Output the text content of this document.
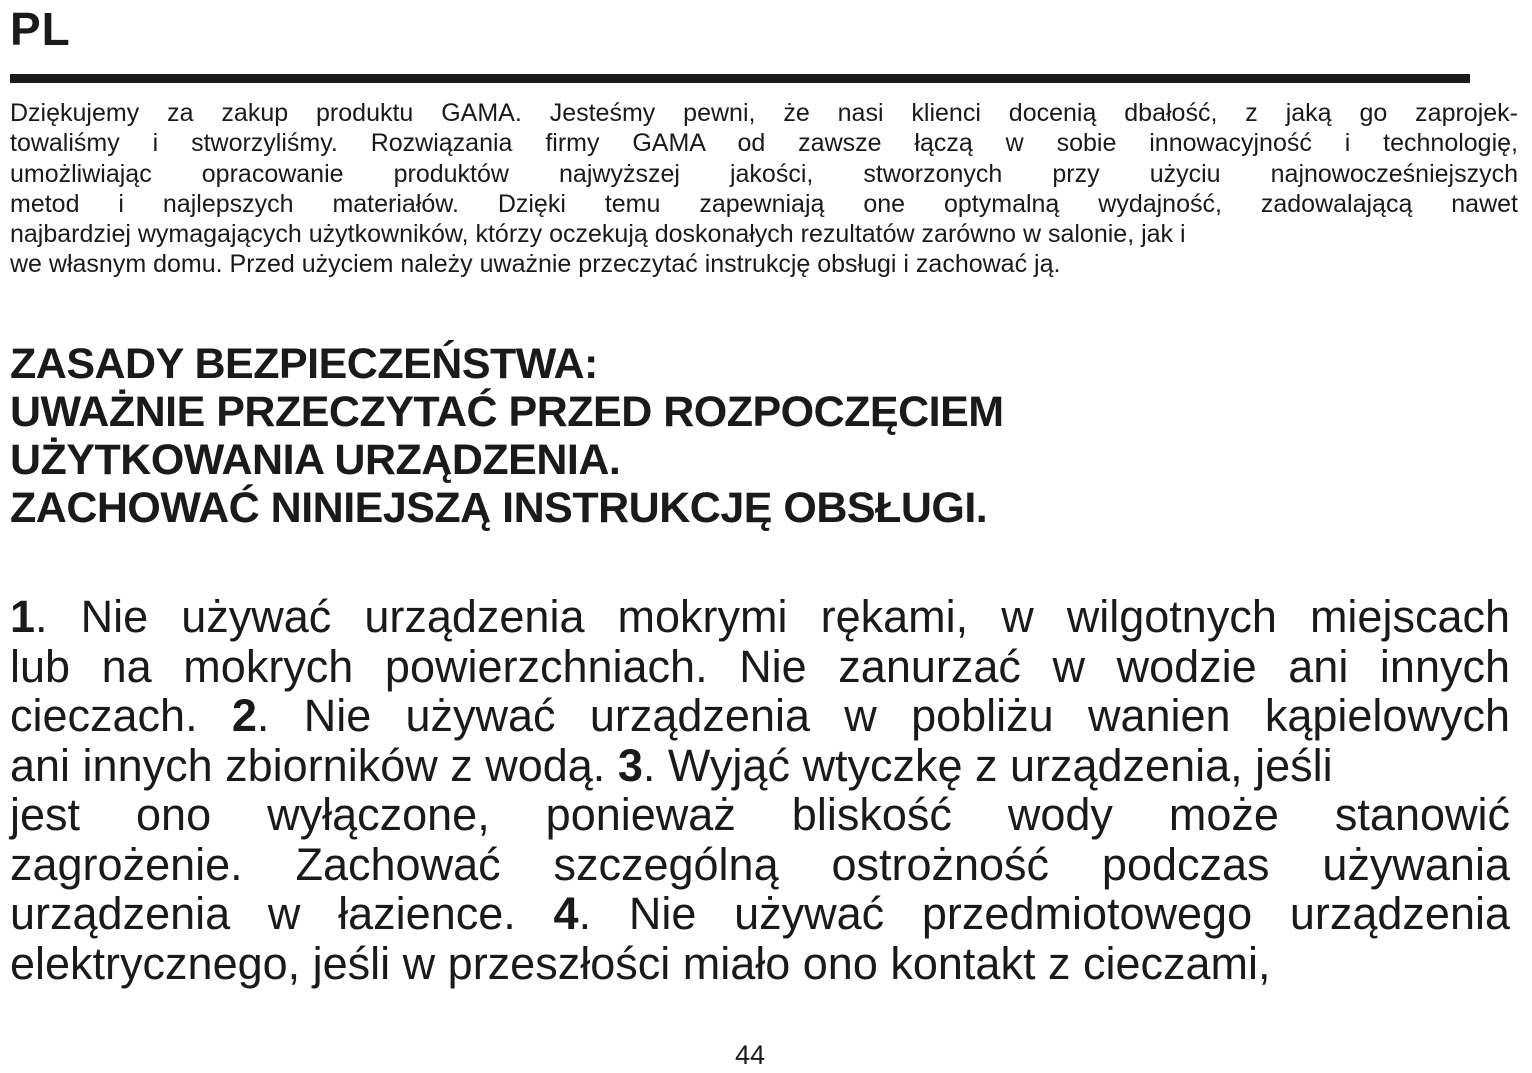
PL
Dziękujemy za zakup produktu GAMA. Jesteśmy pewni, że nasi klienci docenią dbałość, z jaką go zaprojek-
towaliśmy i stworzyliśmy. Rozwiązania firmy GAMA od zawsze łączą w sobie innowacyjność i technologię,
umożliwiając opracowanie produktów najwyższej jakości, stworzonych przy użyciu najnowocześniejszych
metod i najlepszych materiałów. Dzięki temu zapewniają one optymalną wydajność, zadowalającą nawet
najbardziej wymagających użytkowników, którzy oczekują doskonałych rezultatów zarówno w salonie, jak i
we własnym domu. Przed użyciem należy uważnie przeczytać instrukcję obsługi i zachować ją.
ZASADY BEZPIECZEŃSTWA:
UWAŻNIE PRZECZYTAĆ PRZED ROZPOCZĘCIEM
UŻYTKOWANIA URZĄDZENIA.
ZACHOWAĆ NINIEJSZĄ INSTRUKCJĘ OBSŁUGI.
1. Nie używać urządzenia mokrymi rękami, w wilgotnych miejscach
lub na mokrych powierzchniach. Nie zanurzać w wodzie ani innych
cieczach. 2. Nie używać urządzenia w pobliżu wanien kąpielowych
ani innych zbiorników z wodą. 3. Wyjąć wtyczkę z urządzenia, jeśli
jest ono wyłączone, ponieważ bliskość wody może stanowić
zagrożenie. Zachować szczególną ostrożność podczas używania
urządzenia w łazience. 4. Nie używać przedmiotowego urządzenia
elektrycznego, jeśli w przeszłości miało ono kontakt z cieczami,
44
